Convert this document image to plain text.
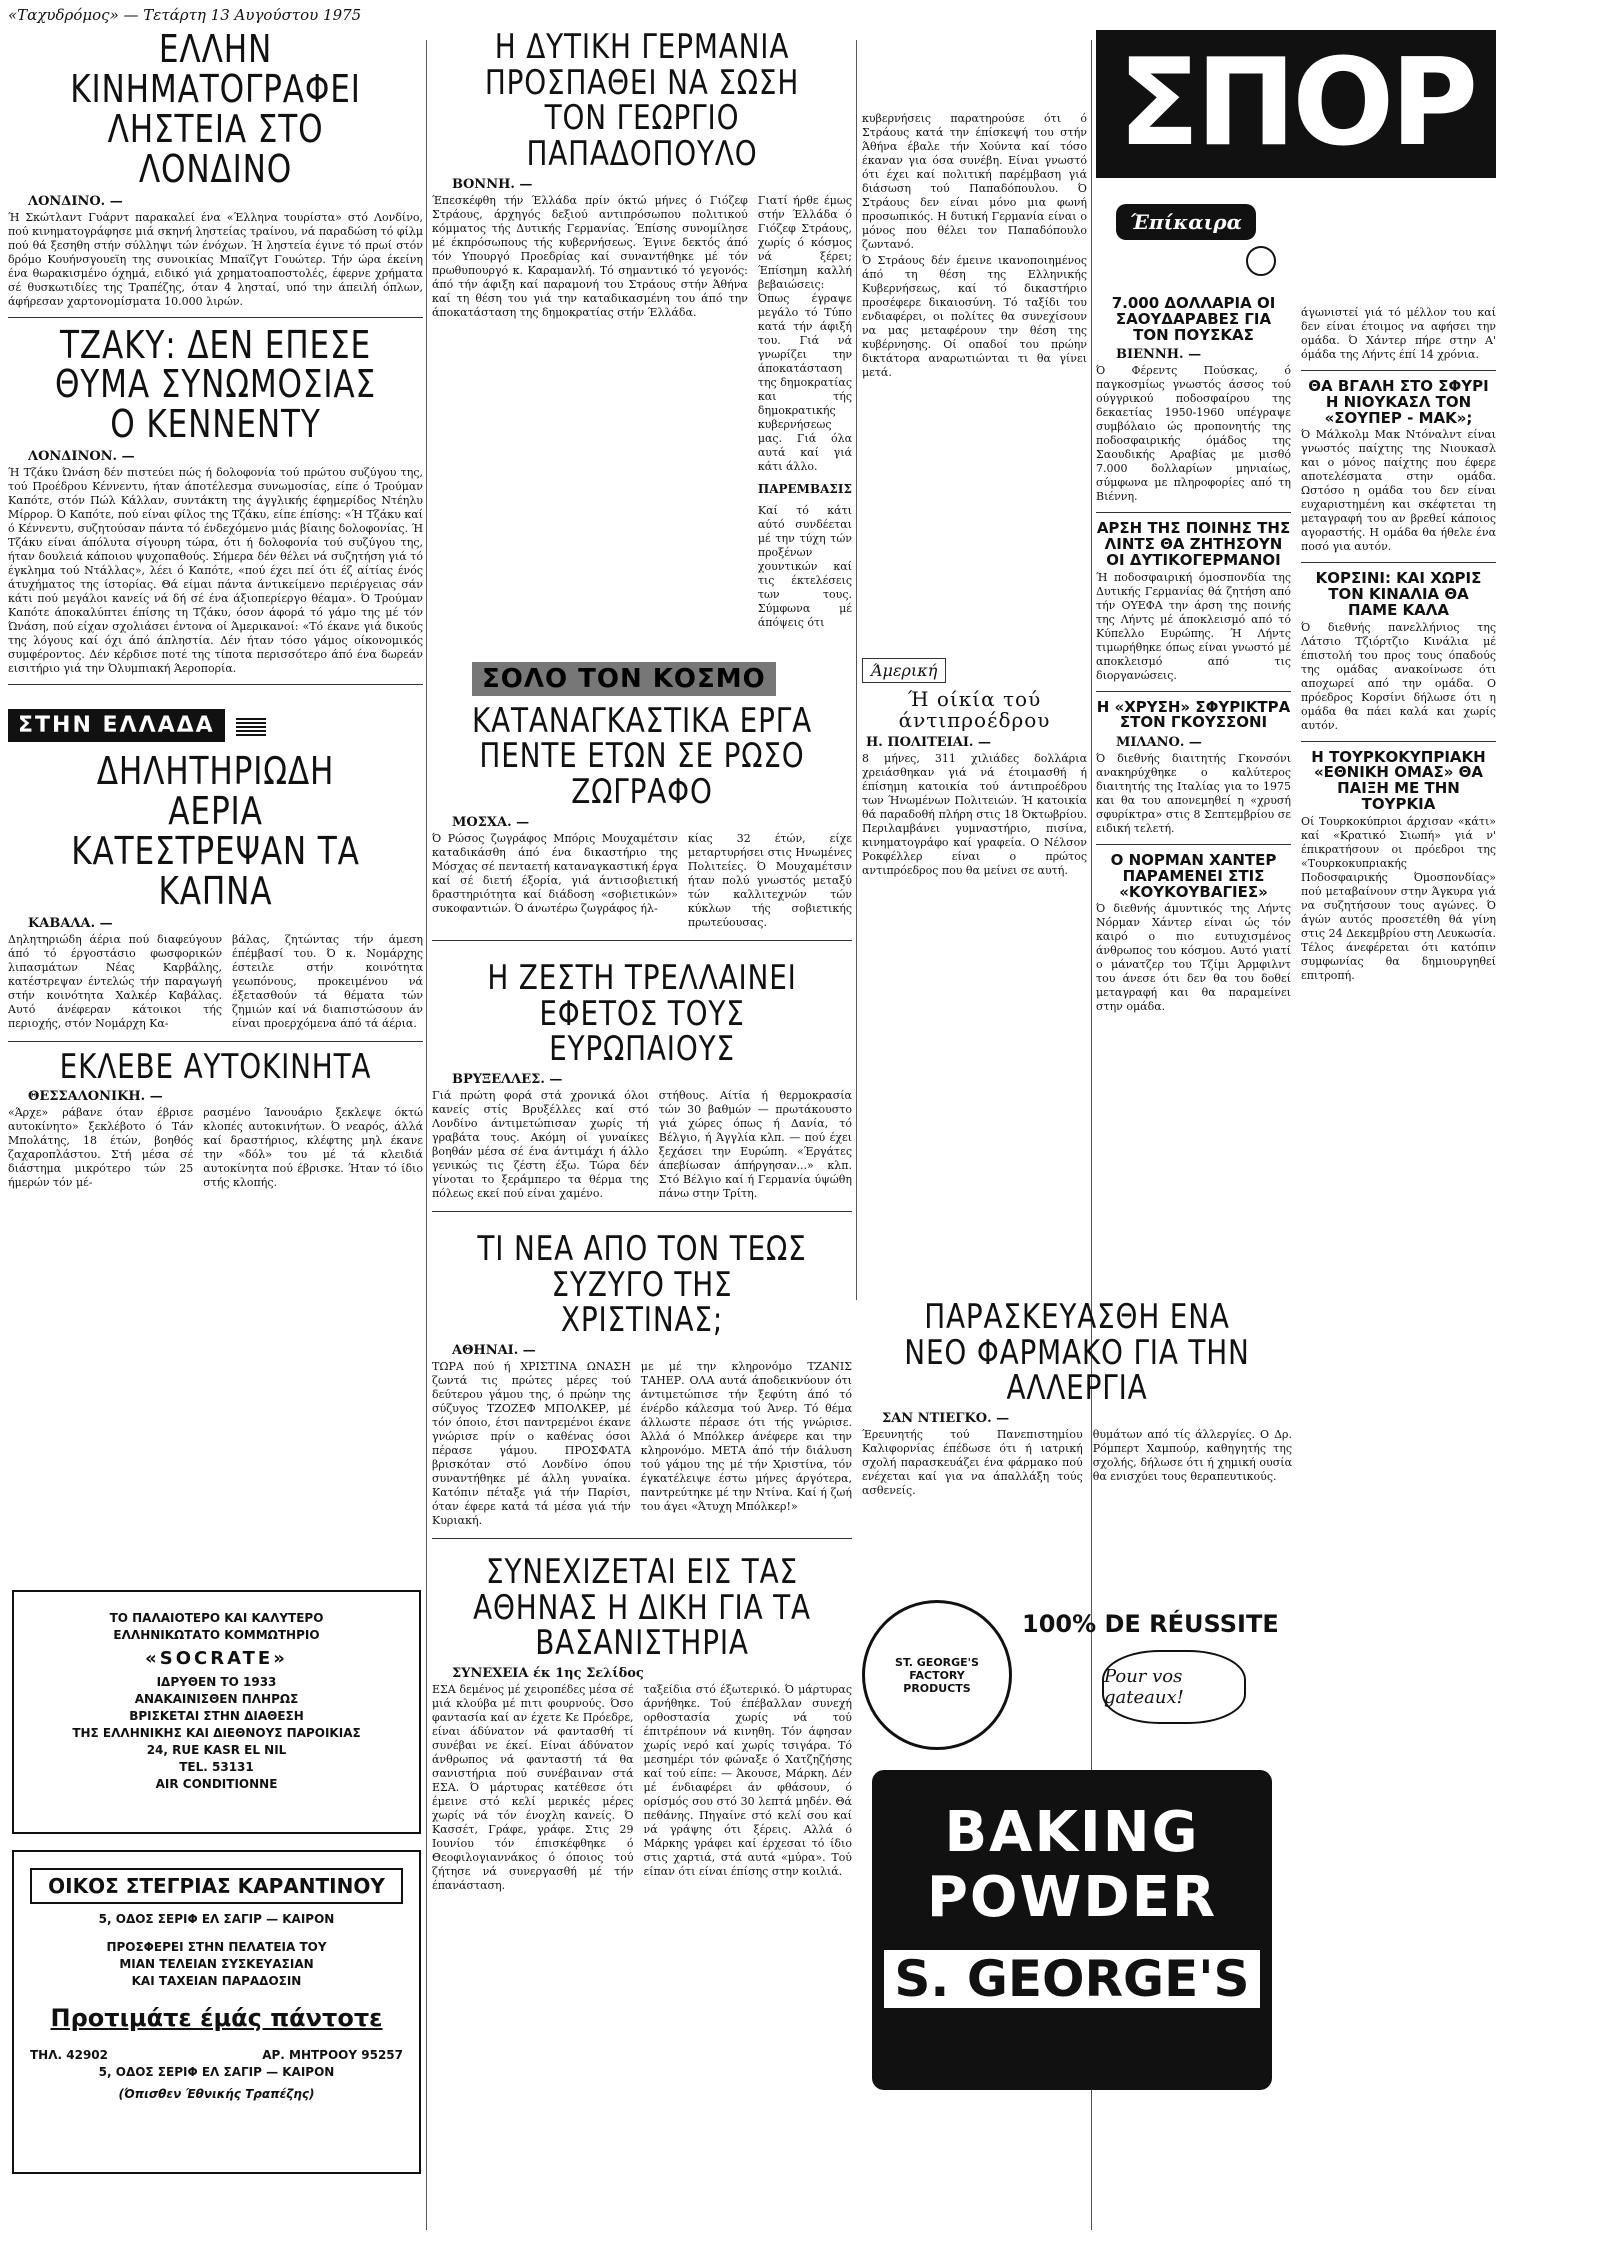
«Ταχυδρόμος» — Τετάρτη 13 Αυγούστου 1975
ΕΛΛΗΝ ΚΙΝΗΜΑΤΟΓΡΑΦΕΙ ΛΗΣΤΕΙΑ ΣΤΟ ΛΟΝΔΙΝΟ
ΛΟΝΔΙΝΟ. —

Ή Σκώτλαντ Γυάρντ παρακαλεί ένα «Έλληνα τουρίστα» στό Λονδίνο, πού κινηματογράφησε μιά σκηνή ληστείας τραίνου, νά παραδώση τό φίλμ πού θά ξεσηθη στήν σύλληψι τών ένόχων. Ή ληστεία έγινε τό πρωί στόν δρόμο Κουήνσγουεϊη της συνοικίας Μπαϊζγτ Γουώτερ. Τήν ώρα έκείνη ένα θωρακισμένο όχημά, ειδικό γιά χρηματοαποστολές, έφερνε χρήματα σέ θυσκωτιδίες της Τραπέζης, όταν 4 λησταί, υπό την άπειλή όπλων, άφήρεσαν χαρτονομίσματα 10.000 λιρών.

ΤΖΑΚΥ: ΔΕΝ ΕΠΕΣΕ ΘΥΜΑ ΣΥΝΩΜΟΣΙΑΣ Ο ΚΕΝΝΕΝΤΥ
ΛΟΝΔΙΝΟΝ. —

Ή Τζάκυ Ώνάση δέν πιστεύει πώς ή δολοφονία τού πρώτου συζύγου της, τού Προέδρου Κέννεντυ, ήταν άποτέλεσμα συνωμοσίας, είπε ό Τρούμαν Καπότε, στόν Πώλ Κάλλαν, συντάκτη της άγγλικής έφημερίδος Ντέηλυ Μίρρορ. Ό Καπότε, πού είναι φίλος της Τζάκυ, είπε έπίσης: «Ή Τζάκυ καί ό Κέννεντυ, συζητούσαν πάντα τό ένδεχόμενο μιάς βίαιης δολοφονίας. Ή Τζάκυ είναι άπόλυτα σίγουρη τώρα, ότι ή δολοφονία τού συζύγου της, ήταν δουλειά κάποιου ψυχοπαθούς. Σήμερα δέν θέλει νά συζητήση γιά τό έγκλημα τού Ντάλλας», λέει ό Καπότε, «πού έχει πεί ότι έζ αίτίας ένός άτυχήματος της ίστορίας. Θά είμαι πάντα άντικείμενο περιέργειας σάν κάτι πού μεγάλοι κανείς νά δή σέ ένα άξιοπερίεργο θέαμα». Ό Τρούμαν Καπότε άποκαλύπτει έπίσης τη Τζάκυ, όσον άφορά τό γάμο της μέ τόν Ώνάση, πού είχαν σχολιάσει έντονα οί Άμερικανοί: «Τό έκανε γιά δικούς της λόγους καί όχι άπό άπληστία. Δέν ήταν τόσο γάμος οίκονομικός συμφέροντος. Δέν κέρδισε ποτέ της τίποτα περισσότερο άπό ένα δωρεάν εισιτήριο γιά την Όλυμπιακή Άεροπορία.

ΣΤΗΝ ΕΛΛΑΔΑ
ΔΗΛΗΤΗΡΙΩΔΗ ΑΕΡΙΑ ΚΑΤΕΣΤΡΕΨΑΝ ΤΑ ΚΑΠΝΑ
ΚΑΒΑΛΑ. —

Δηλητηριώδη άέρια πού διαφεύγουν άπό τό έργοστάσιο φωσφορικών λιπασμάτων Νέας Καρβάλης, κατέστρεψαν έντελώς τήν παραγωγή στήν κοινότητα Χαλκέρ Καβάλας. Αυτό άνέφεραν κάτοικοι τής περιοχής, στόν Νομάρχη Κα-

βάλας, ζητώντας τήν άμεση έπέμβασί του. Ό κ. Νομάρχης έστειλε στήν κοινότητα γεωπόνους, προκειμένου νά έξετασθούν τά θέματα τών ζημιών καί νά διαπιστώσουν άν είναι προερχόμενα άπό τά άέρια.

ΕΚΛΕΒΕ ΑΥΤΟΚΙΝΗΤΑ
ΘΕΣΣΑΛΟΝΙΚΗ. —

«Άρχε» ράβανε όταν έβρισε αυτοκίνητο» ξεκλέβοτο ό Τάν Μπολάτης, 18 έτών, βοηθός ζαχαροπλάστου. Στή μέσα σέ διάστημα μικρότερο τών 25 ήμερών τόν μέ-

ρασμένο Ίανουάριο ξεκλεψε όκτώ κλοπές αυτοκινήτων. Ό νεαρός, άλλά καί δραστήριος, κλέφτης μηλ έκανε την «δόλ» του μέ τά κλειδιά αυτοκίνητα πού έβρισκε. Ήταν τό ίδιο στής κλοπής.

ΤΟ ΠΑΛΑΙΟΤΕΡΟ ΚΑΙ ΚΑΛΥΤΕΡΟ
ΕΛΛΗΝΙΚΩΤΑΤΟ ΚΟΜΜΩΤΗΡΙΟ
«SOCRATE»
ΙΔΡΥΘΕΝ ΤΟ 1933
ΑΝΑΚΑΙΝΙΣΘΕΝ ΠΛΗΡΩΣ
ΒΡΙΣΚΕΤΑΙ ΣΤΗΝ ΔΙΑΘΕΣΗ
ΤΗΣ ΕΛΛΗΝΙΚΗΣ ΚΑΙ ΔΙΕΘΝΟΥΣ ΠΑΡΟΙΚΙΑΣ
24, RUE KASR EL NIL
TEL. 53131
AIR CONDITIONNE
ΟΙΚΟΣ ΣΤΕΓΡΙΑΣ ΚΑΡΑΝΤΙΝΟΥ
5, ΟΔΟΣ ΣΕΡΙΦ ΕΛ ΣΑΓΙΡ — ΚΑΙΡΟΝ
ΠΡΟΣΦΕΡΕΙ ΣΤΗΝ ΠΕΛΑΤΕΙΑ ΤΟΥ
ΜΙΑΝ ΤΕΛΕΙΑΝ ΣΥΣΚΕΥΑΣΙΑΝ
ΚΑΙ ΤΑΧΕΙΑΝ ΠΑΡΑΔΟΣΙΝ
Προτιμάτε έμάς πάντοτε
ΤΗΛ. 42902	ΑΡ. ΜΗΤΡΟΟΥ 95257
5, ΟΔΟΣ ΣΕΡΙΦ ΕΛ ΣΑΓΙΡ — ΚΑΙΡΟΝ
(Όπισθεν Έθνικής Τραπέζης)
Η ΔΥΤΙΚΗ ΓΕΡΜΑΝΙΑ ΠΡΟΣΠΑΘΕΙ ΝΑ ΣΩΣΗ ΤΟΝ ΓΕΩΡΓΙΟ ΠΑΠΑΔΟΠΟΥΛΟ
ΒΟΝΝΗ. —

Έπεσκέφθη τήν Έλλάδα πρίν όκτώ μήνες ό Γιόζεφ Στράους, άρχηγός δεξιού αντιπρόσωπου πολιτικού κόμματος τής Δυτικής Γερμανίας. Έπίσης συνομίλησε μέ έκπρόσωπους τής κυβερνήσεως. Έγινε δεκτός άπό τόν Υπουργό Προεδρίας καί συναντήθηκε μέ τόν πρωθυπουργό κ. Καραμανλή. Τό σημαντικό τό γεγονός: άπό τήν άφιξη καί παραμονή του Στράους στήν Άθήνα καί τη θέση του γιά την καταδικασμένη του άπό την άποκατάσταση της δημοκρατίας στήν Έλλάδα.

Γιατί ήρθε έμως στήν Έλλάδα ό Γιόζεφ Στράους, χωρίς ό κόσμος νά ξέρει; Έπίσημη καλλή βεβαιώσεις: Όπως έγραψε μεγάλο τό Τύπο κατά τήν άφιξή του. Γιά νά γνωρίζει την άποκατάσταση της δημοκρατίας και τής δημοκρατικής κυβερνήσεως μας. Γιά όλα αυτά καί γιά κάτι άλλο.

ΠΑΡΕΜΒΑΣΙΣ

Καί τό κάτι αύτό συνδέεται μέ την τύχη τών προξένων χουντικών καί τις έκτελέσεις των τους. Σύμφωνα μέ άπόψεις ότι

ΣΟΛΟ ΤΟΝ ΚΟΣΜΟ
ΚΑΤΑΝΑΓΚΑΣΤΙΚΑ ΕΡΓΑ ΠΕΝΤΕ ΕΤΩΝ ΣΕ ΡΩΣΟ ΖΩΓΡΑΦΟ
ΜΟΣΧΑ. —

Ό Ρώσος ζωγράφος Μπόρις Μουχαμέτσιν καταδικάσθη άπό ένα δικαστήριο της Μόσχας σέ πενταετή καταναγκαστική έργα καί σέ διετή έξορία, γιά άντισοβιετική δραστηριότητα καί διάδοση «σοβιετικών» συκοφαντιών. Ό άνωτέρω ζωγράφος ήλ-

κίας 32 έτών, είχε μεταρτυρήσει στις Ηνωμένες Πολιτείες. Ό Μουχαμέτσιν ήταν πολύ γνωστός μεταξύ τών καλλιτεχνών τών κύκλων τής σοβιετικής πρωτεύουσας.

Η ΖΕΣΤΗ ΤΡΕΛΛΑΙΝΕΙ ΕΦΕΤΟΣ ΤΟΥΣ ΕΥΡΩΠΑΙΟΥΣ
ΒΡΥΞΕΛΛΕΣ. —

Γιά πρώτη φορά στά χρονικά όλοι κανείς στίς Βρυξέλλες καί στό Λονδίνο άντιμετώπισαν χωρίς τή γραβάτα τους. Ακόμη οί γυναίκες βοηθάν μέσα σέ ένα άντιμάχι ή άλλο γενικώς τις ζέστη έξω. Τώρα δέν γίνοται το ξεράμπερο τα θέρμα της πόλεως εκεί πού είναι χαμένο.

στήθους. Αίτία ή θερμοκρασία τών 30 βαθμών — πρωτάκουστο γιά χώρες όπως ή Δανία, τό Βέλγιο, ή Άγγλία κλπ. — πού έχει ξεχάσει την Ευρώπη. «Έργάτες άπεβίωσαν άπήργησαν...» κλπ. Στό Βέλγιο καί ή Γερμανία ύψώθη πάνω στην Τρίτη.

ΤΙ ΝΕΑ ΑΠΟ ΤΟΝ ΤΕΩΣ ΣΥΖΥΓΟ ΤΗΣ ΧΡΙΣΤΙΝΑΣ;
ΑΘΗΝΑΙ. —

ΤΩΡΑ πού ή ΧΡΙΣΤΙΝΑ ΩΝΑΣΗ ζωντά τις πρώτες μέρες τού δεύτερου γάμου της, ό πρώην της σύζυγος ΤΖΟΖΕΦ ΜΠΟΛΚΕΡ, μέ τόν όποιο, έτσι παντρεμένοι έκανε γνώρισε πρίν ο καθένας όσοι πέρασε γάμου. ΠΡΟΣΦΑΤΑ βρισκόταν στό Λονδίνο όπου συναντήθηκε μέ άλλη γυναίκα. Κατόπιν πέταξε γιά τήν Παρίσι, όταν έφερε κατά τά μέσα γιά τήν Κυριακή.

με μέ την κληρονόμο ΤΖΑΝΙΣ ΤΑΗΕΡ. ΟΛΑ αυτά άποδεικνύουν ότι άντιμετώπισε τήν ξεφύτη άπό τό ένέρδο κάλεσμα τού Άνερ. Τό θέμα άλλωστε πέρασε ότι τής γνώρισε. Άλλά ό Μπόλκερ άνέφερε και την κληρονόμο. ΜΕΤΑ άπό τήν διάλυση τού γάμου της μέ τήν Χριστίνα, τόν έγκατέλειψε έστω μήνες άργότερα, παντρεύτηκε μέ την Ντίνα. Καί ή ζωή του άγει «Άτυχη Μπόλκερ!»

ΣΥΝΕΧΙΖΕΤΑΙ ΕΙΣ ΤΑΣ ΑΘΗΝΑΣ Η ΔΙΚΗ ΓΙΑ ΤΑ ΒΑΣΑΝΙΣΤΗΡΙΑ
ΣΥΝΕΧΕΙΑ έκ 1ης Σελίδος

ΕΣΑ δεμένος μέ χειροπέδες μέσα σέ μιά κλούβα μέ πιτι φουρνούς. Όσο φαντασία καί αν έχετε Κε Πρόεδρε, είναι άδύνατον νά φαντασθή τί συνέβαι νε έκεί. Είναι άδύνατον άνθρωπος νά φανταστή τά θα σανιστήρια πού συνέβαιναν στά ΕΣΑ. Ό μάρτυρας κατέθεσε ότι έμεινε στό κελί μερικές μέρες χωρίς νά τόν ένοχλη κανείς. Ό Κασσέτ, Γράφε, γράφε. Στις 29 Ιουνίου τόν έπισκέφθηκε ό Θεοφιλογιαννάκος ό όποιος τού ζήτησε νά συνεργασθή μέ τήν έπανάσταση.

ταξείδια στό έξωτερικό. Ό μάρτυρας άρνήθηκε. Τού έπέβαλλαν συνεχή ορθοστασία χωρίς νά τού έπιτρέπουν νά κινηθη. Τόν άφησαν χωρίς νερό καί χωρίς τσιγάρα. Τό μεσημέρι τόν φώναξε ό Χατζηζήσης καί τού είπε: — Άκουσε, Μάρκη. Δέν μέ ένδιαφέρει άν φθάσουν, ό ορίσμός σου στό 30 λεπτά μηδέν. Θά πεθάνης. Πηγαίνε στό κελί σου καί νά γράψης ότι ξέρεις. Αλλά ό Μάρκης γράφει καί έρχεσαι τό ίδιο στις χαρτιά, στά αυτά «μύρα». Τού είπαν ότι είναι έπίσης στην κοιλιά.

κυβερνήσεις παρατηρούσε ότι ό Στράους κατά την έπίσκεψή του στήν Άθήνα έβαλε τήν Χούντα καί τόσο έκαναν για όσα συνέβη. Είναι γνωστό ότι έχει καί πολιτική παρέμβαση γιά διάσωση τού Παπαδόπουλου. Ό Στράους δεν είναι μόνο μια φωνή προσωπικός. Η δυτική Γερμανία είναι ο μόνος που θέλει τον Παπαδόπουλο ζωντανό.

Ό Στράους δέν έμεινε ικανοποιημένος άπό τη θέση της Ελληνικής Κυβερνήσεως, καί τό δικαστήριο προσέφερε δικαιοσύνη. Τό ταξίδι του ενδιαφέρει, οι πολίτες θα συνεχίσουν να μας μεταφέρουν την θέση της κυβέρνησης. Οί οπαδοί του πρώην δικτάτορα αναρωτιώνται τι θα γίνει μετά.

Άμερική
Ή οίκία τού άντιπροέδρου
Η. ΠΟΛΙΤΕΙΑΙ. —

8 μήνες, 311 χιλιάδες δολλάρια χρειάσθηκαν γιά νά έτοιμασθή ή έπίσημη κατοικία τού άντιπροέδρου των Ήνωμένων Πολιτειών. Ή κατοικία θά παραδοθή πλήρη στις 18 Όκτωβρίου. Περιλαμβάνει γυμναστήριο, πισίνα, κινηματογράφο καί γραφεία. Ο Νέλσον Ροκφέλλερ είναι ο πρώτος αντιπρόεδρος που θα μείνει σε αυτή.

ΠΑΡΑΣΚΕΥΑΣΘΗ ΕΝΑ ΝΕΟ ΦΑΡΜΑΚΟ ΓΙΑ ΤΗΝ ΑΛΛΕΡΓΙΑ
ΣΑΝ ΝΤΙΕΓΚΟ. —

Έρευνητής τού Πανεπιστημίου Καλιφορνίας έπέδωσε ότι ή ιατρική σχολή παρασκευάζει ένα φάρμακο πού ενέχεται καί για να άπαλλάξη τούς ασθενείς.

θυμάτων από τίς άλλεργίες. Ο Δρ. Ρόμπερτ Χαμπούρ, καθηγητής της σχολής, δήλωσε ότι ή χημική ουσία θα ενισχύει τους θεραπευτικούς.

ST. GEORGE'S FACTORY PRODUCTS
100% DE RÉUSSITE
Pour vos gateaux!
BAKING
POWDER
S. GEORGE'S
ΣΠΟΡ
Έπίκαιρα
7.000 ΔΟΛΛΑΡΙΑ ΟΙ ΣΑΟΥΔΑΡΑΒΕΣ ΓΙΑ ΤΟΝ ΠΟΥΣΚΑΣ
ΒΙΕΝΝΗ. —

Ό Φέρεντς Πούσκας, ό παγκοσμίως γνωστός άσσος τού ούγγρικού ποδοσφαίρου της δεκαετίας 1950-1960 υπέγραψε συμβόλαιο ώς προπονητής της ποδοσφαιρικής όμάδος της Σαουδικής Αραβίας με μισθό 7.000 δολλαρίων μηνιαίως, σύμφωνα με πληροφορίες από τη Βιέννη.

ΑΡΣΗ ΤΗΣ ΠΟΙΝΗΣ ΤΗΣ ΛΙΝΤΣ ΘΑ ΖΗΤΗΣΟΥΝ ΟΙ ΔΥΤΙΚΟΓΕΡΜΑΝΟΙ

Ή ποδοσφαιρική όμοσπονδία της Δυτικής Γερμανίας θά ζητήση από τήν ΟΥΕΦΑ την άρση της ποινής της Λήντς μέ άποκλεισμό από τό Κύπελλο Ευρώπης. Ή Λήντς τιμωρήθηκε όπως είναι γνωστό μέ αποκλεισμό από τις διοργανώσεις.

Η «ΧΡΥΣΗ» ΣΦΥΡΙΚΤΡΑ ΣΤΟΝ ΓΚΟΥΣΣΟΝΙ
ΜΙΛΑΝΟ. —

Ό διεθνής διαιτητής Γκονσόνι ανακηρύχθηκε ο καλύτερος διαιτητής της Ιταλίας για το 1975 και θα του απονεμηθεί η «χρυσή σφυρίκτρα» στις 8 Σεπτεμβρίου σε ειδική τελετή.

Ο ΝΟΡΜΑΝ ΧΑΝΤΕΡ ΠΑΡΑΜΕΝΕΙ ΣΤΙΣ «ΚΟΥΚΟΥΒΑΓΙΕΣ»

Ό διεθνής άμυντικός της Λήντς Νόρμαν Χάντερ είναι ώς τόν καιρό ο πιο ευτυχισμένος άνθρωπος του κόσμου. Αυτό γιατί ο μάνατζερ του Τζίμι Άρμφιλντ του άνεσε ότι δεν θα του δοθεί μεταγραφή και θα παραμείνει στην ομάδα.

άγωνιστεί γιά τό μέλλον του καί δεν είναι έτοιμος να αφήσει την ομάδα. Ό Χάντερ πήρε στην Α' όμάδα της Λήντς έπί 14 χρόνια.

ΘΑ ΒΓΑΛΗ ΣΤΟ ΣΦΥΡΙ Η ΝΙΟΥΚΑΣΛ ΤΟΝ «ΣΟΥΠΕΡ - ΜΑΚ»;

Ό Μάλκολμ Μακ Ντόναλντ είναι γνωστός παίχτης της Νιουκασλ και ο μόνος παίχτης που έφερε αποτελέσματα στην ομάδα. Ωστόσο η ομάδα του δεν είναι ευχαριστημένη και σκέφτεται τη μεταγραφή του αν βρεθεί κάποιος αγοραστής. Η ομάδα θα ήθελε ένα ποσό για αυτόν.

ΚΟΡΣΙΝΙ: ΚΑΙ ΧΩΡΙΣ ΤΟΝ ΚΙΝΑΛΙΑ ΘΑ ΠΑΜΕ ΚΑΛΑ

Ό διεθνής πανελλήνιος της Λάτσιο Τζιόρτζιο Κινάλια μέ έπιστολή του προς τους όπαδούς της ομάδας ανακοίνωσε ότι αποχωρεί από την ομάδα. Ο πρόεδρος Κορσίνι δήλωσε ότι η ομάδα θα πάει καλά και χωρίς αυτόν.

Η ΤΟΥΡΚΟΚΥΠΡΙΑΚΗ «ΕΘΝΙΚΗ ΟΜΑΣ» ΘΑ ΠΑΙΞΗ ΜΕ ΤΗΝ ΤΟΥΡΚΙΑ

Οί Τουρκοκύπριοι άρχισαν «κάτι» καί «Κρατικό Σιωπή» γιά ν' έπικρατήσουν οι πρόεδροι της «Τουρκοκυπριακής Ποδοσφαιρικής Όμοσπονδίας» πού μεταβαίνουν στην Άγκυρα γιά να συζητήσουν τους αγώνες. Ό άγών αυτός προσετέθη θά γίνη στις 24 Δεκεμβρίου στη Λευκωσία. Τέλος άνεφέρεται ότι κατόπιν συμφωνίας θα δημιουργηθεί επιτροπή.
